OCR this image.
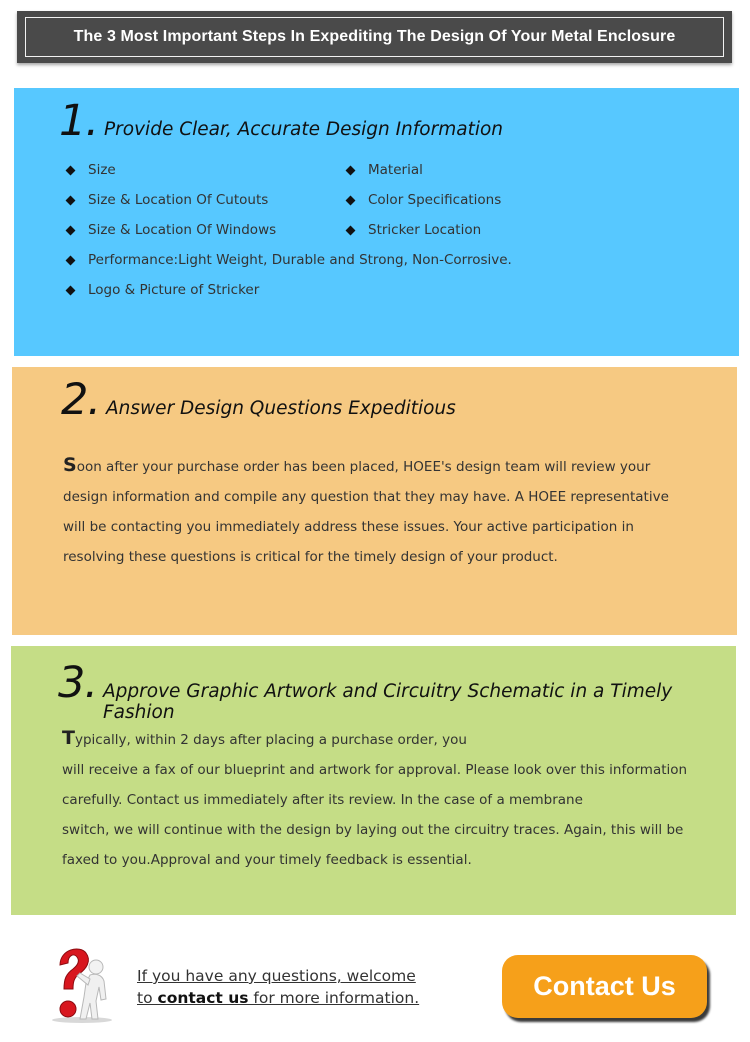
The 3 Most Important Steps In Expediting The Design Of Your Metal Enclosure
1. Provide Clear, Accurate Design Information
Size
Size & Location Of Cutouts
Size & Location Of Windows
Material
Color Specifications
Stricker Location
Performance:Light Weight, Durable and Strong, Non-Corrosive.
Logo & Picture of Stricker
2. Answer Design Questions Expeditious
Soon after your purchase order has been placed, HOEE's design team will review your
design information and compile any question that they may have. A HOEE representative
will be contacting you immediately address these issues. Your active participation in
resolving these questions is critical for the timely design of your product.
3. Approve Graphic Artwork and Circuitry Schematic in a Timely Fashion
Typically, within 2 days after placing a purchase order, you
will receive a fax of our blueprint and artwork for approval. Please look over this information
carefully. Contact us immediately after its review. In the case of a membrane
switch, we will continue with the design by laying out the circuitry traces. Again, this will be
faxed to you.Approval and your timely feedback is essential.
If you have any questions, welcome
to contact us for more information.	Contact Us
